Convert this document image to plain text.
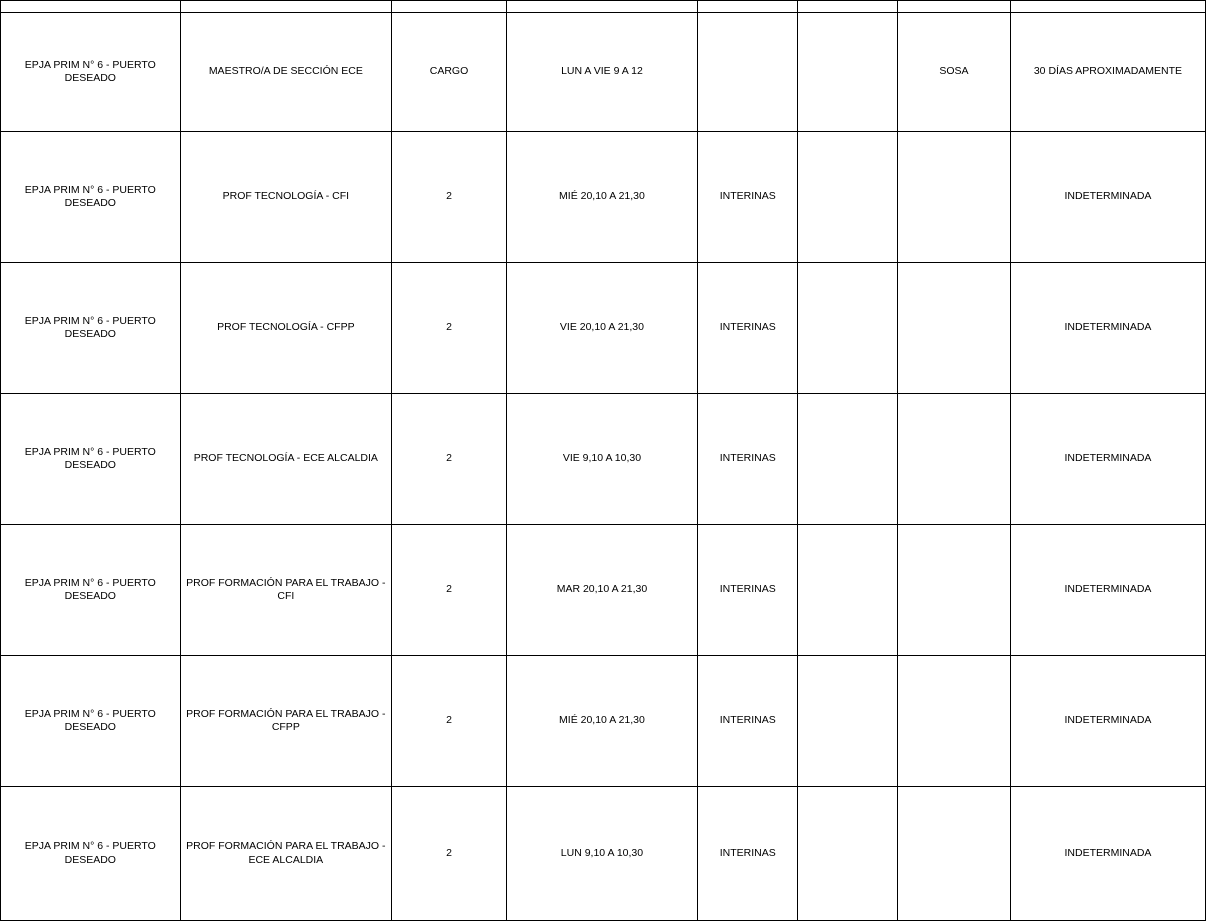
EPJA PRIM N° 6 - PUERTO DESEADO	MAESTRO/A DE SECCIÓN ECE	CARGO	LUN A VIE 9 A 12			SOSA	30 DÍAS APROXIMADAMENTE
EPJA PRIM N° 6 - PUERTO DESEADO	PROF TECNOLOGÍA - CFI	2	MIÉ 20,10 A 21,30	INTERINAS			INDETERMINADA
EPJA PRIM N° 6 - PUERTO DESEADO	PROF TECNOLOGÍA - CFPP	2	VIE 20,10 A 21,30	INTERINAS			INDETERMINADA
EPJA PRIM N° 6 - PUERTO DESEADO	PROF TECNOLOGÍA - ECE ALCALDIA	2	VIE 9,10 A 10,30	INTERINAS			INDETERMINADA
EPJA PRIM N° 6 - PUERTO DESEADO	PROF FORMACIÓN PARA EL TRABAJO - CFI	2	MAR 20,10 A 21,30	INTERINAS			INDETERMINADA
EPJA PRIM N° 6 - PUERTO DESEADO	PROF FORMACIÓN PARA EL TRABAJO - CFPP	2	MIÉ 20,10 A 21,30	INTERINAS			INDETERMINADA
EPJA PRIM N° 6 - PUERTO DESEADO	PROF FORMACIÓN PARA EL TRABAJO - ECE ALCALDIA	2	LUN 9,10 A 10,30	INTERINAS			INDETERMINADA
